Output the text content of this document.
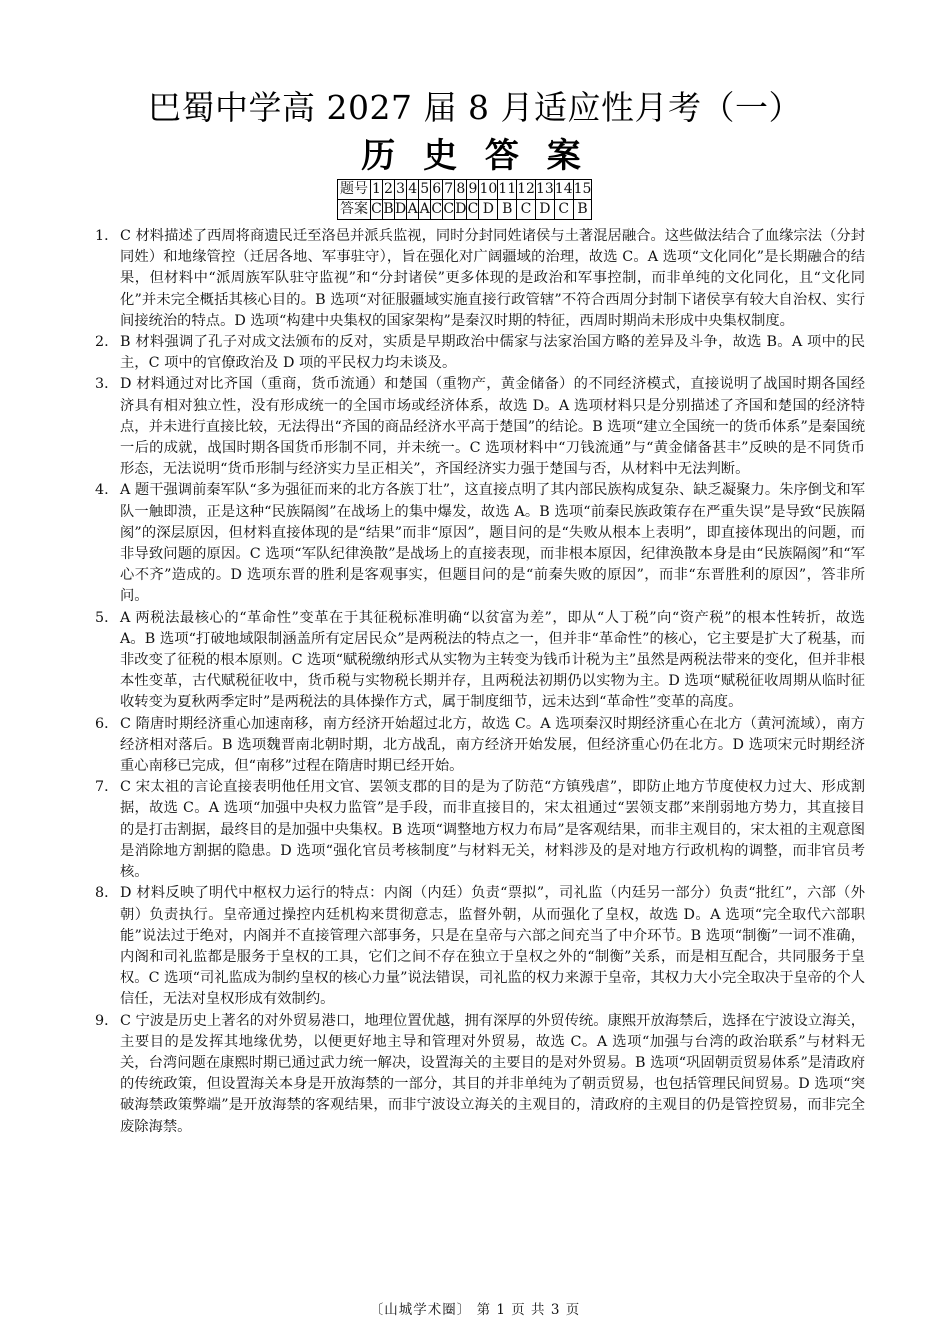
巴蜀中学高 2027 届 8 月适应性月考（一）
历 史 答 案
题号	1	2	3	4	5	6	7	8	9	10	11	12	13	14	15
答案	C	B	D	A	A	C	C	D	C	D	B	C	D	C	B

1． C 材料描述了西周将商遗民迁至洛邑并派兵监视，同时分封同姓诸侯与土著混居融合。这些做法结合了血缘宗法（分封同姓）和地缘管控（迁居各地、军事驻守），旨在强化对广阔疆域的治理，故选 C。A 选项“文化同化”是长期融合的结果，但材料中“派周族军队驻守监视”和“分封诸侯”更多体现的是政治和军事控制，而非单纯的文化同化，且“文化同化”并未完全概括其核心目的。B 选项“对征服疆域实施直接行政管辖”不符合西周分封制下诸侯享有较大自治权、实行间接统治的特点。D 选项“构建中央集权的国家架构”是秦汉时期的特征，西周时期尚未形成中央集权制度。

2. B 材料强调了孔子对成文法颁布的反对，实质是早期政治中儒家与法家治国方略的差异及斗争，故选 B。A 项中的民主，C 项中的官僚政治及 D 项的平民权力均未谈及。

3． D 材料通过对比齐国（重商，货币流通）和楚国（重物产，黄金储备）的不同经济模式，直接说明了战国时期各国经济具有相对独立性，没有形成统一的全国市场或经济体系，故选 D。A 选项材料只是分别描述了齐国和楚国的经济特点，并未进行直接比较，无法得出“齐国的商品经济水平高于楚国”的结论。B 选项“建立全国统一的货币体系”是秦国统一后的成就，战国时期各国货币形制不同，并未统一。C 选项材料中“刀钱流通”与“黄金储备甚丰”反映的是不同货币形态，无法说明“货币形制与经济实力呈正相关”，齐国经济实力强于楚国与否，从材料中无法判断。

4. A 题干强调前秦军队“多为强征而来的北方各族丁壮”，这直接点明了其内部民族构成复杂、缺乏凝聚力。朱序倒戈和军队一触即溃，正是这种“民族隔阂”在战场上的集中爆发，故选 A。B 选项“前秦民族政策存在严重失误”是导致“民族隔阂”的深层原因，但材料直接体现的是“结果”而非“原因”，题目问的是“失败从根本上表明”，即直接体现出的问题，而非导致问题的原因。C 选项“军队纪律涣散”是战场上的直接表现，而非根本原因，纪律涣散本身是由“民族隔阂”和“军心不齐”造成的。D 选项东晋的胜利是客观事实，但题目问的是“前秦失败的原因”，而非“东晋胜利的原因”，答非所问。

5． A 两税法最核心的“革命性”变革在于其征税标准明确“以贫富为差”，即从“人丁税”向“资产税”的根本性转折，故选 A。B 选项“打破地域限制涵盖所有定居民众”是两税法的特点之一，但并非“革命性”的核心，它主要是扩大了税基，而非改变了征税的根本原则。C 选项“赋税缴纳形式从实物为主转变为钱币计税为主”虽然是两税法带来的变化，但并非根本性变革，古代赋税征收中，货币税与实物税长期并存，且两税法初期仍以实物为主。D 选项“赋税征收周期从临时征收转变为夏秋两季定时”是两税法的具体操作方式，属于制度细节，远未达到“革命性”变革的高度。

6． C 隋唐时期经济重心加速南移，南方经济开始超过北方，故选 C。A 选项秦汉时期经济重心在北方（黄河流域），南方经济相对落后。B 选项魏晋南北朝时期，北方战乱，南方经济开始发展，但经济重心仍在北方。D 选项宋元时期经济重心南移已完成，但“南移”过程在隋唐时期已经开始。

7． C 宋太祖的言论直接表明他任用文官、罢领支郡的目的是为了防范“方镇残虐”，即防止地方节度使权力过大、形成割据，故选 C。A 选项“加强中央权力监管”是手段，而非直接目的，宋太祖通过“罢领支郡”来削弱地方势力，其直接目的是打击割据，最终目的是加强中央集权。B 选项“调整地方权力布局”是客观结果，而非主观目的，宋太祖的主观意图是消除地方割据的隐患。D 选项“强化官员考核制度”与材料无关，材料涉及的是对地方行政机构的调整，而非官员考核。

8． D 材料反映了明代中枢权力运行的特点：内阁（内廷）负责“票拟”，司礼监（内廷另一部分）负责“批红”，六部（外朝）负责执行。皇帝通过操控内廷机构来贯彻意志，监督外朝，从而强化了皇权，故选 D。A 选项“完全取代六部职能”说法过于绝对，内阁并不直接管理六部事务，只是在皇帝与六部之间充当了中介环节。B 选项“制衡”一词不准确，内阁和司礼监都是服务于皇权的工具，它们之间不存在独立于皇权之外的“制衡”关系，而是相互配合，共同服务于皇权。C 选项“司礼监成为制约皇权的核心力量”说法错误，司礼监的权力来源于皇帝，其权力大小完全取决于皇帝的个人信任，无法对皇权形成有效制约。

9． C 宁波是历史上著名的对外贸易港口，地理位置优越，拥有深厚的外贸传统。康熙开放海禁后，选择在宁波设立海关，主要目的是发挥其地缘优势，以便更好地主导和管理对外贸易，故选 C。A 选项“加强与台湾的政治联系”与材料无关，台湾问题在康熙时期已通过武力统一解决，设置海关的主要目的是对外贸易。B 选项“巩固朝贡贸易体系”是清政府的传统政策，但设置海关本身是开放海禁的一部分，其目的并非单纯为了朝贡贸易，也包括管理民间贸易。D 选项“突破海禁政策弊端”是开放海禁的客观结果，而非宁波设立海关的主观目的，清政府的主观目的仍是管控贸易，而非完全废除海禁。

〔山城学术圈〕 第 1 页 共 3 页
